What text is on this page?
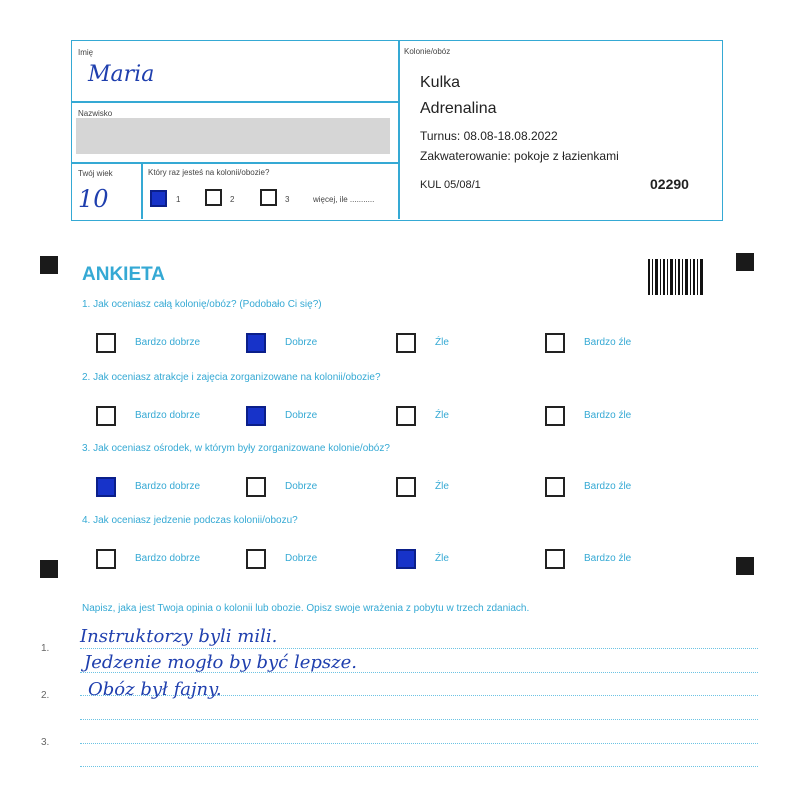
Imię
Maria
Nazwisko
Twój wiek
10
Który raz jesteś na kolonii/obozie?
1	2	3	więcej, ile ...........
Kolonie/obóz
Kulka
Adrenalina
Turnus: 08.08-18.08.2022
Zakwaterowanie: pokoje z łazienkami
KUL 05/08/1	02290
ANKIETA
1. Jak oceniasz całą kolonię/obóz? (Podobało Ci się?)
Bardzo dobrze	Dobrze	Źle	Bardzo źle
2. Jak oceniasz atrakcje i zajęcia zorganizowane na kolonii/obozie?
Bardzo dobrze	Dobrze	Źle	Bardzo źle
3. Jak oceniasz ośrodek, w którym były zorganizowane kolonie/obóz?
Bardzo dobrze	Dobrze	Źle	Bardzo źle
4. Jak oceniasz jedzenie podczas kolonii/obozu?
Bardzo dobrze	Dobrze	Źle	Bardzo źle
Napisz, jaka jest Twoja opinia o kolonii lub obozie. Opisz swoje wrażenia z pobytu w trzech zdaniach.
1.
2.
3.
Instruktorzy byli mili.
Jedzenie mogło by być lepsze.
Obóz był fajny.
